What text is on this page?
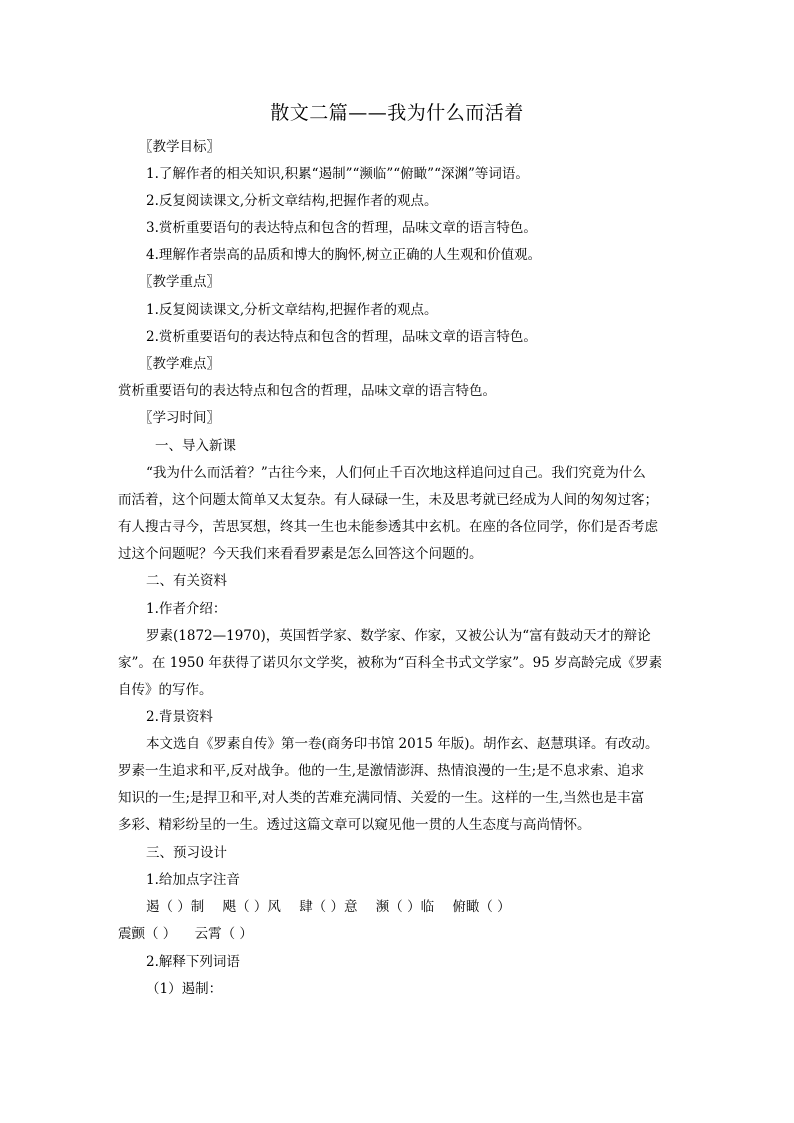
散文二篇——我为什么而活着
〖教学目标〗
1.了解作者的相关知识,积累“遏制”“濒临”“俯瞰”“深渊”等词语。
2.反复阅读课文,分析文章结构,把握作者的观点。
3.赏析重要语句的表达特点和包含的哲理，品味文章的语言特色。
4.理解作者崇高的品质和博大的胸怀,树立正确的人生观和价值观。
〖教学重点〗
1.反复阅读课文,分析文章结构,把握作者的观点。
2.赏析重要语句的表达特点和包含的哲理，品味文章的语言特色。
〖教学难点〗
赏析重要语句的表达特点和包含的哲理，品味文章的语言特色。
〖学习时间〗
一、导入新课
“我为什么而活着？”古往今来，人们何止千百次地这样追问过自己。我们究竟为什么
而活着，这个问题太简单又太复杂。有人碌碌一生，未及思考就已经成为人间的匆匆过客；
有人搜古寻今，苦思冥想，终其一生也未能参透其中玄机。在座的各位同学，你们是否考虑
过这个问题呢？今天我们来看看罗素是怎么回答这个问题的。
二、有关资料
1.作者介绍：
罗素(1872—1970)，英国哲学家、数学家、作家，又被公认为“富有鼓动天才的辩论
家”。在 1950 年获得了诺贝尔文学奖，被称为“百科全书式文学家”。95 岁高龄完成《罗素
自传》的写作。
2.背景资料
本文选自《罗素自传》第一卷(商务印书馆 2015 年版)。胡作玄、赵慧琪译。有改动。
罗素一生追求和平,反对战争。他的一生,是激情澎湃、热情浪漫的一生;是不息求索、追求
知识的一生;是捍卫和平,对人类的苦难充满同情、关爱的一生。这样的一生,当然也是丰富
多彩、精彩纷呈的一生。透过这篇文章可以窥见他一贯的人生态度与高尚情怀。
三、预习设计
1.给加点字注音
遏（ ）制 飓（ ）风 肆（ ）意 濒（ ）临 俯瞰（ ）
震颤（ ） 云霄（ ）
2.解释下列词语
（1）遏制：
